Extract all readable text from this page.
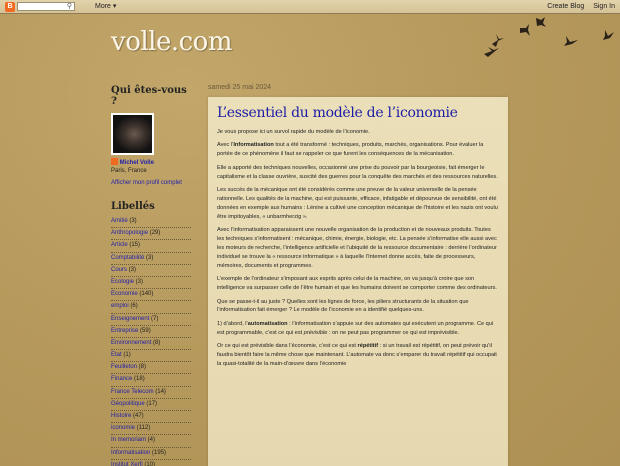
B	⚲	More ▾	Create Blog Sign In
volle.com
Qui êtes-vous ?
Michel Volle
Paris, France
Afficher mon profil complet
Libellés
Amitié (3)
Anthropologie (29)
Article (15)
Comptabilité (3)
Cours (3)
Ecologie (3)
Economie (140)
emploi (6)
Enseignement (7)
Entreprise (59)
Environnement (8)
Etat (1)
Feuilleton (8)
Finance (18)
France Telecom (14)
Géopolitique (17)
Histoire (47)
iconomie (112)
In memoriam (4)
Informatisation (195)
Institut Xerfi (10)
samedi 25 mai 2024
L’essentiel du modèle de l’iconomie

Je vous propose ici un survol rapide du modèle de l’iconomie.

Avec l’Informatisation tout a été transformé : techniques, produits, marchés, organisations. Pour évaluer la portée de ce phénomène il faut se rappeler ce que furent les conséquences de la mécanisation.

Elle a apporté des techniques nouvelles, occasionné une prise du pouvoir par la bourgeoisie, fait émerger le capitalisme et la classe ouvrière, suscité des guerres pour la conquête des marchés et des ressources naturelles.

Les succès de la mécanique ont été considérés comme une preuve de la valeur universelle de la pensée rationnelle. Les qualités de la machine, qui est puissante, efficace, infatigable et dépourvue de sensibilité, ont été données en exemple aux humains : Lénine a cultivé une conception mécanique de l’histoire et les nazis ont voulu être impitoyables, « unbarmherzig ».

Avec l’informatisation apparaissent une nouvelle organisation de la production et de nouveaux produits. Toutes les techniques s’informatisent : mécanique, chimie, énergie, biologie, etc. La pensée s’informatise elle aussi avec les moteurs de recherche, l’intelligence artificielle et l’ubiquité de la ressource documentaire : derrière l’ordinateur individuel se trouve la « ressource informatique » à laquelle l’Internet donne accès, faite de processeurs, mémoires, documents et programmes.

L’exemple de l’ordinateur s’imposant aux esprits après celui de la machine, on va jusqu’à croire que son intelligence va surpasser celle de l’être humain et que les humains doivent se comporter comme des ordinateurs.

Que se passe-t-il au juste ? Quelles sont les lignes de force, les piliers structurants de la situation que l’informatisation fait émerger ? Le modèle de l’iconomie en a identifié quelques-uns.

1) d’abord, l’automatisation : l’informatisation s’appuie sur des automates qui exécutent un programme. Ce qui est programmable, c’est ce qui est prévisible : on ne peut pas programmer ce qui est imprévisible.

Or ce qui est prévisible dans l’économie, c’est ce qui est répétitif : si un travail est répétitif, on peut prévoir qu’il faudra bientôt faire la même chose que maintenant. L’automate va donc s’emparer du travail répétitif qui occupait la quasi-totalité de la main-d’œuvre dans l’économie
